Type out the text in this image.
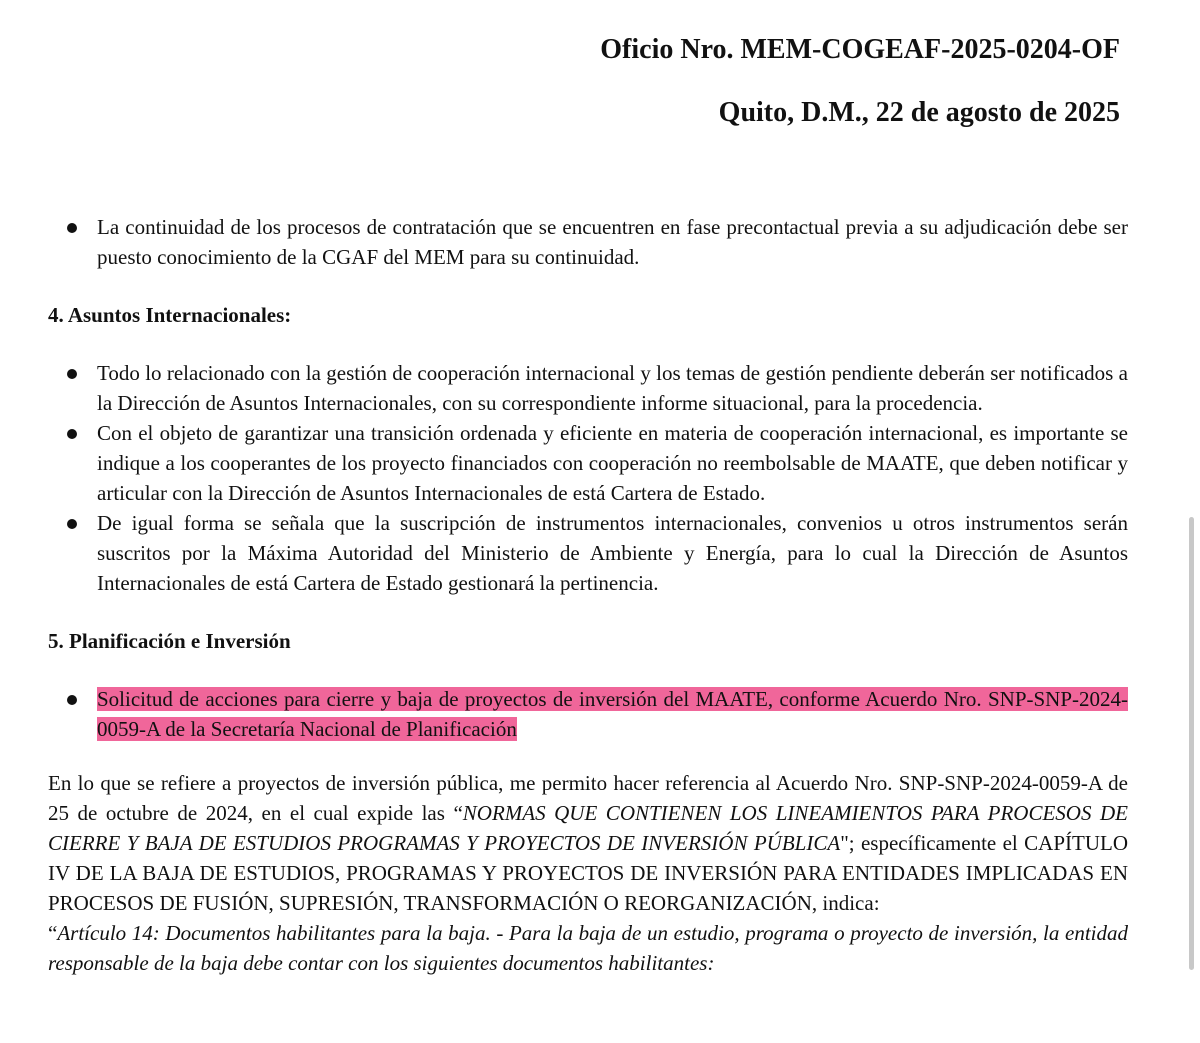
Oficio Nro. MEM-COGEAF-2025-0204-OF

Quito, D.M., 22 de agosto de 2025

La continuidad de los procesos de contratación que se encuentren en fase precontactual previa a su adjudicación debe ser puesto conocimiento de la CGAF del MEM para su continuidad.

4. Asuntos Internacionales:

Todo lo relacionado con la gestión de cooperación internacional y los temas de gestión pendiente deberán ser notificados a la Dirección de Asuntos Internacionales, con su correspondiente informe situacional, para la procedencia.
Con el objeto de garantizar una transición ordenada y eficiente en materia de cooperación internacional, es importante se indique a los cooperantes de los proyecto financiados con cooperación no reembolsable de MAATE, que deben notificar y articular con la Dirección de Asuntos Internacionales de está Cartera de Estado.
De igual forma se señala que la suscripción de instrumentos internacionales, convenios u otros instrumentos serán suscritos por la Máxima Autoridad del Ministerio de Ambiente y Energía, para lo cual la Dirección de Asuntos Internacionales de está Cartera de Estado gestionará la pertinencia.

5. Planificación e Inversión

Solicitud de acciones para cierre y baja de proyectos de inversión del MAATE, conforme Acuerdo Nro. SNP-SNP-2024-0059-A de la Secretaría Nacional de Planificación

En lo que se refiere a proyectos de inversión pública, me permito hacer referencia al Acuerdo Nro. SNP-SNP-2024-0059-A de 25 de octubre de 2024, en el cual expide las “NORMAS QUE CONTIENEN LOS LINEAMIENTOS PARA PROCESOS DE CIERRE Y BAJA DE ESTUDIOS PROGRAMAS Y PROYECTOS DE INVERSIÓN PÚBLICA"; específicamente el CAPÍTULO IV DE LA BAJA DE ESTUDIOS, PROGRAMAS Y PROYECTOS DE INVERSIÓN PARA ENTIDADES IMPLICADAS EN PROCESOS DE FUSIÓN, SUPRESIÓN, TRANSFORMACIÓN O REORGANIZACIÓN, indica:

“Artículo 14: Documentos habilitantes para la baja. - Para la baja de un estudio, programa o proyecto de inversión, la entidad responsable de la baja debe contar con los siguientes documentos habilitantes:
